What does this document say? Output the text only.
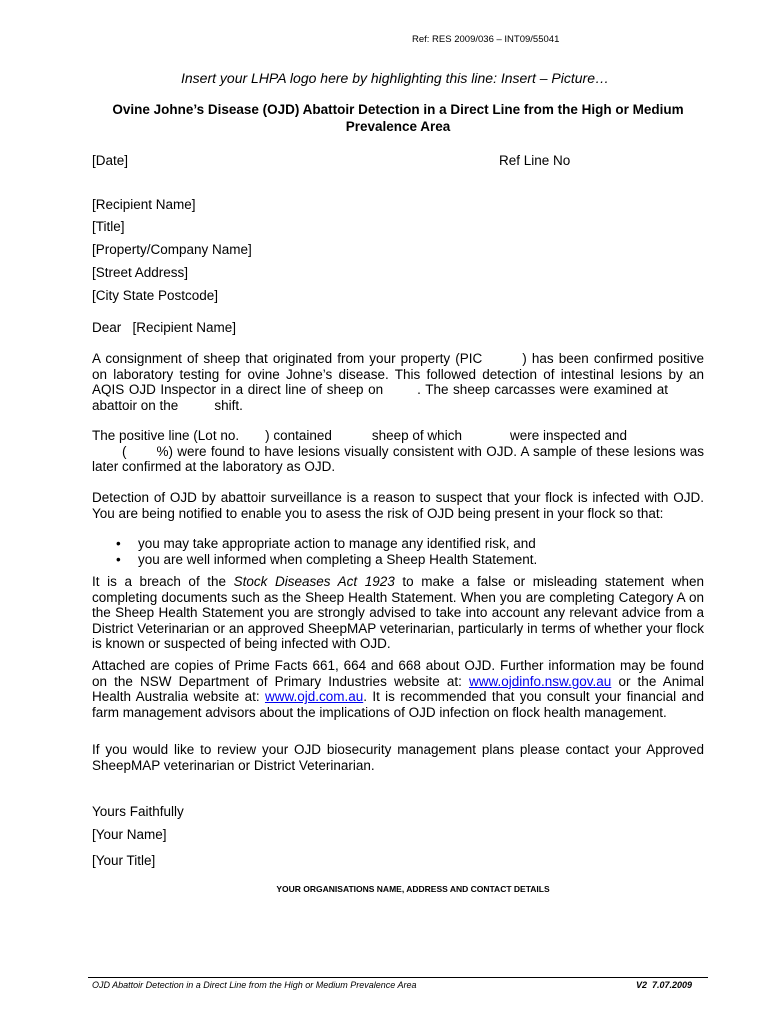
Ref: RES 2009/036 – INT09/55041
Insert your LHPA logo here by highlighting this line: Insert – Picture…
Ovine Johne’s Disease (OJD) Abattoir Detection in a Direct Line from the High or Medium Prevalence Area
[Date]	Ref Line No
[Recipient Name]
[Title]
[Property/Company Name]
[Street Address]
[City State Postcode]
Dear   [Recipient Name]
A consignment of sheep that originated from your property (PIC	) has been confirmed positive on laboratory testing for ovine Johne’s disease. This followed detection of intestinal lesions by an AQIS OJD Inspector in a direct line of sheep on	. The sheep carcasses were examined atabattoir on the	shift.
The positive line (Lot no. ) contained	sheep of which	were inspected and
( %) were found to have lesions visually consistent with OJD. A sample of these lesions was later confirmed at the laboratory as OJD.
Detection of OJD by abattoir surveillance is a reason to suspect that your flock is infected with OJD. You are being notified to enable you to asess the risk of OJD being present in your flock so that:
• you may take appropriate action to manage any identified risk, and
• you are well informed when completing a Sheep Health Statement.
It is a breach of the Stock Diseases Act 1923 to make a false or misleading statement when completing documents such as the Sheep Health Statement. When you are completing Category A on the Sheep Health Statement you are strongly advised to take into account any relevant advice from a District Veterinarian or an approved SheepMAP veterinarian, particularly in terms of whether your flock is known or suspected of being infected with OJD.
Attached are copies of Prime Facts 661, 664 and 668 about OJD. Further information may be found on the NSW Department of Primary Industries website at: www.ojdinfo.nsw.gov.au or the Animal Health Australia website at: www.ojd.com.au. It is recommended that you consult your financial and farm management advisors about the implications of OJD infection on flock health management.
If you would like to review your OJD biosecurity management plans please contact your Approved SheepMAP veterinarian or District Veterinarian.
Yours Faithfully
[Your Name]
[Your Title]
YOUR ORGANISATIONS NAME, ADDRESS AND CONTACT DETAILS
OJD Abattoir Detection in a Direct Line from the High or Medium Prevalence Area	V2  7.07.2009
